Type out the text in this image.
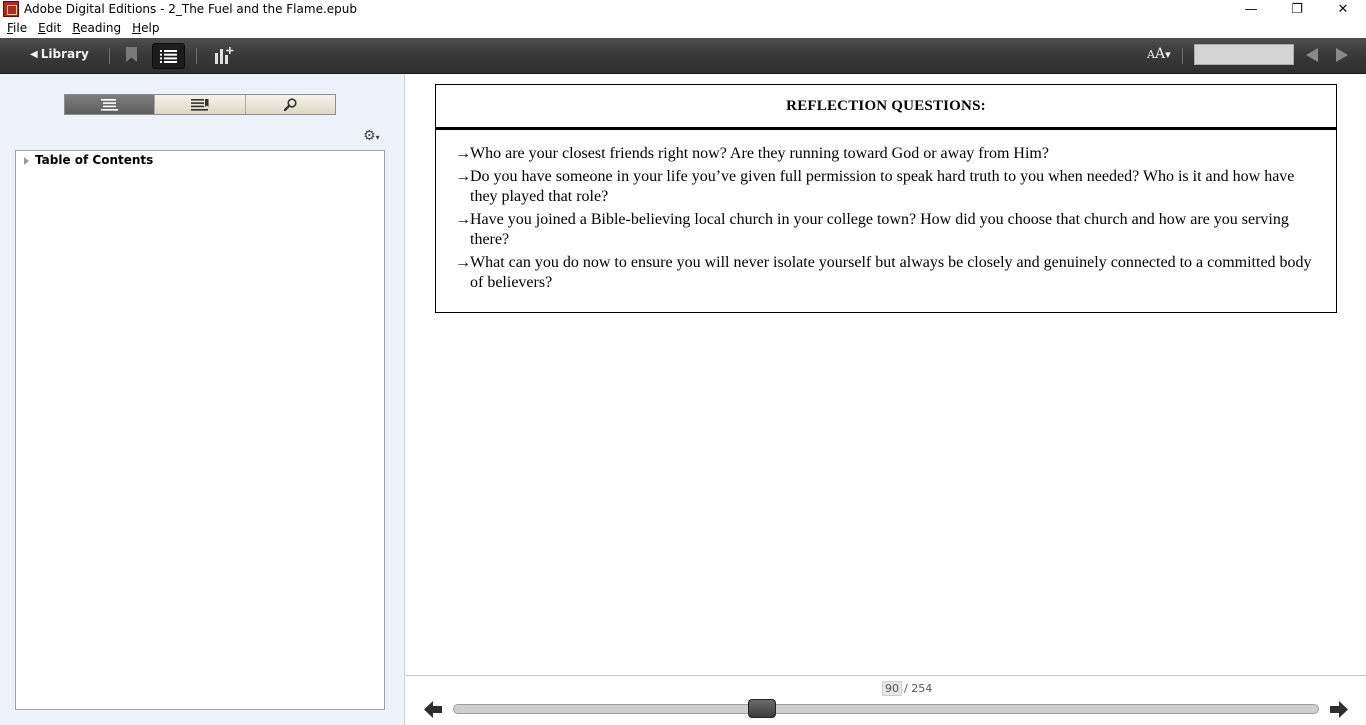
Adobe Digital Editions - 2_The Fuel and the Flame.epub	—	❐	✕
File Edit Reading Help
◀ Library	AA▾
⚙▾
Table of Contents
REFLECTION QUESTIONS:
→Who are your closest friends right now? Are they running toward God or away from Him?
→Do you have someone in your life you’ve given full permission to speak hard truth to you when needed? Who is it and how have they played that role?
→Have you joined a Bible-believing local church in your college town? How did you choose that church and how are you serving there?
→What can you do now to ensure you will never isolate yourself but always be closely and genuinely connected to a committed body of believers?
90 / 254
